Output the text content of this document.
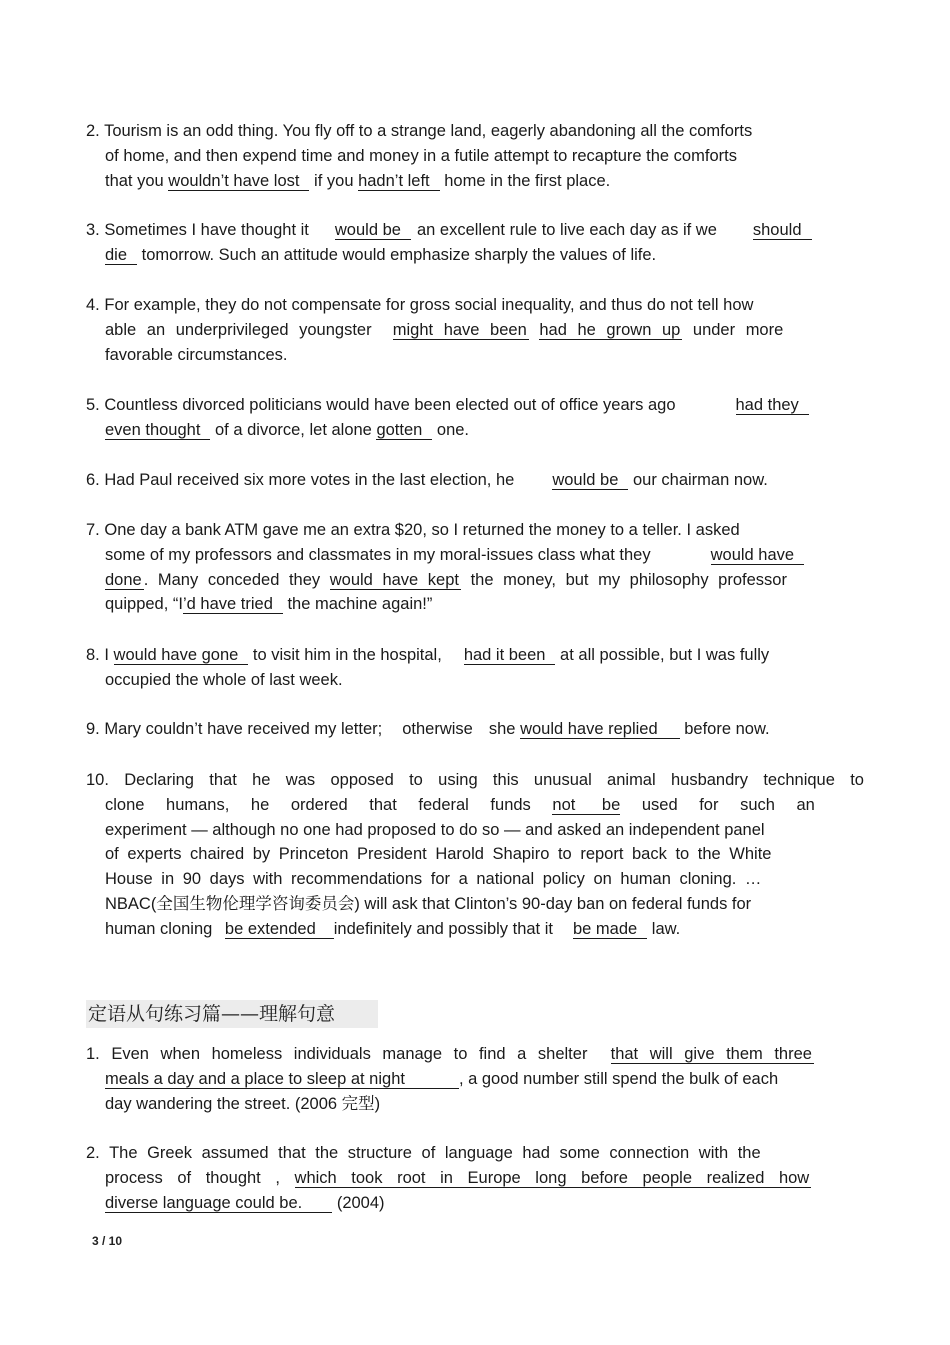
2. Tourism is an odd thing. You fly off to a strange land, eagerly abandoning all the comforts
of home, and then expend time and money in a futile attempt to recapture the comforts
that you wouldn’t have lost if you hadn’t left home in the first place.
3. Sometimes I have thought it would be an excellent rule to live each day as if we should
die tomorrow. Such an attitude would emphasize sharply the values of life.
4. For example, they do not compensate for gross social inequality, and thus do not tell how
able an underprivileged youngster might have been had he grown up under more
favorable circumstances.
5. Countless divorced politicians would have been elected out of office years ago	had they
even thought of a divorce, let alone gotten one.
6. Had Paul received six more votes in the last election, he would be our chairman now.
7. One day a bank ATM gave me an extra $20, so I returned the money to a teller. I asked
some of my professors and classmates in my moral-issues class what they	would have
done . Many conceded they would have kept the money, but my philosophy professor
quipped, “I’d have tried the machine again!”
8. I would have gone to visit him in the hospital, had it been at all possible, but I was fully
occupied the whole of last week.
9. Mary couldn’t have received my letter; otherwise she would have replied before now.
10. Declaring that he was opposed to using this unusual animal husbandry technique to
clone humans, he ordered that federal funds not be used for such an
experiment — although no one had proposed to do so — and asked an independent panel
of experts chaired by Princeton President Harold Shapiro to report back to the White
House in 90 days with recommendations for a national policy on human cloning. …
NBAC(全国生物伦理学咨询委员会) will ask that Clinton’s 90-day ban on federal funds for
human cloning be extended indefinitely and possibly that it be made law.
定语从句练习篇——理解句意
1. Even when homeless individuals manage to find a shelter that will give them three
meals a day and a place to sleep at night	, a good number still spend the bulk of each
day wandering the street. (2006 完型)
2. The Greek assumed that the structure of language had some connection with the
process of thought , which took root in Europe long before people realized how
diverse language could be. (2004)
3 / 10
